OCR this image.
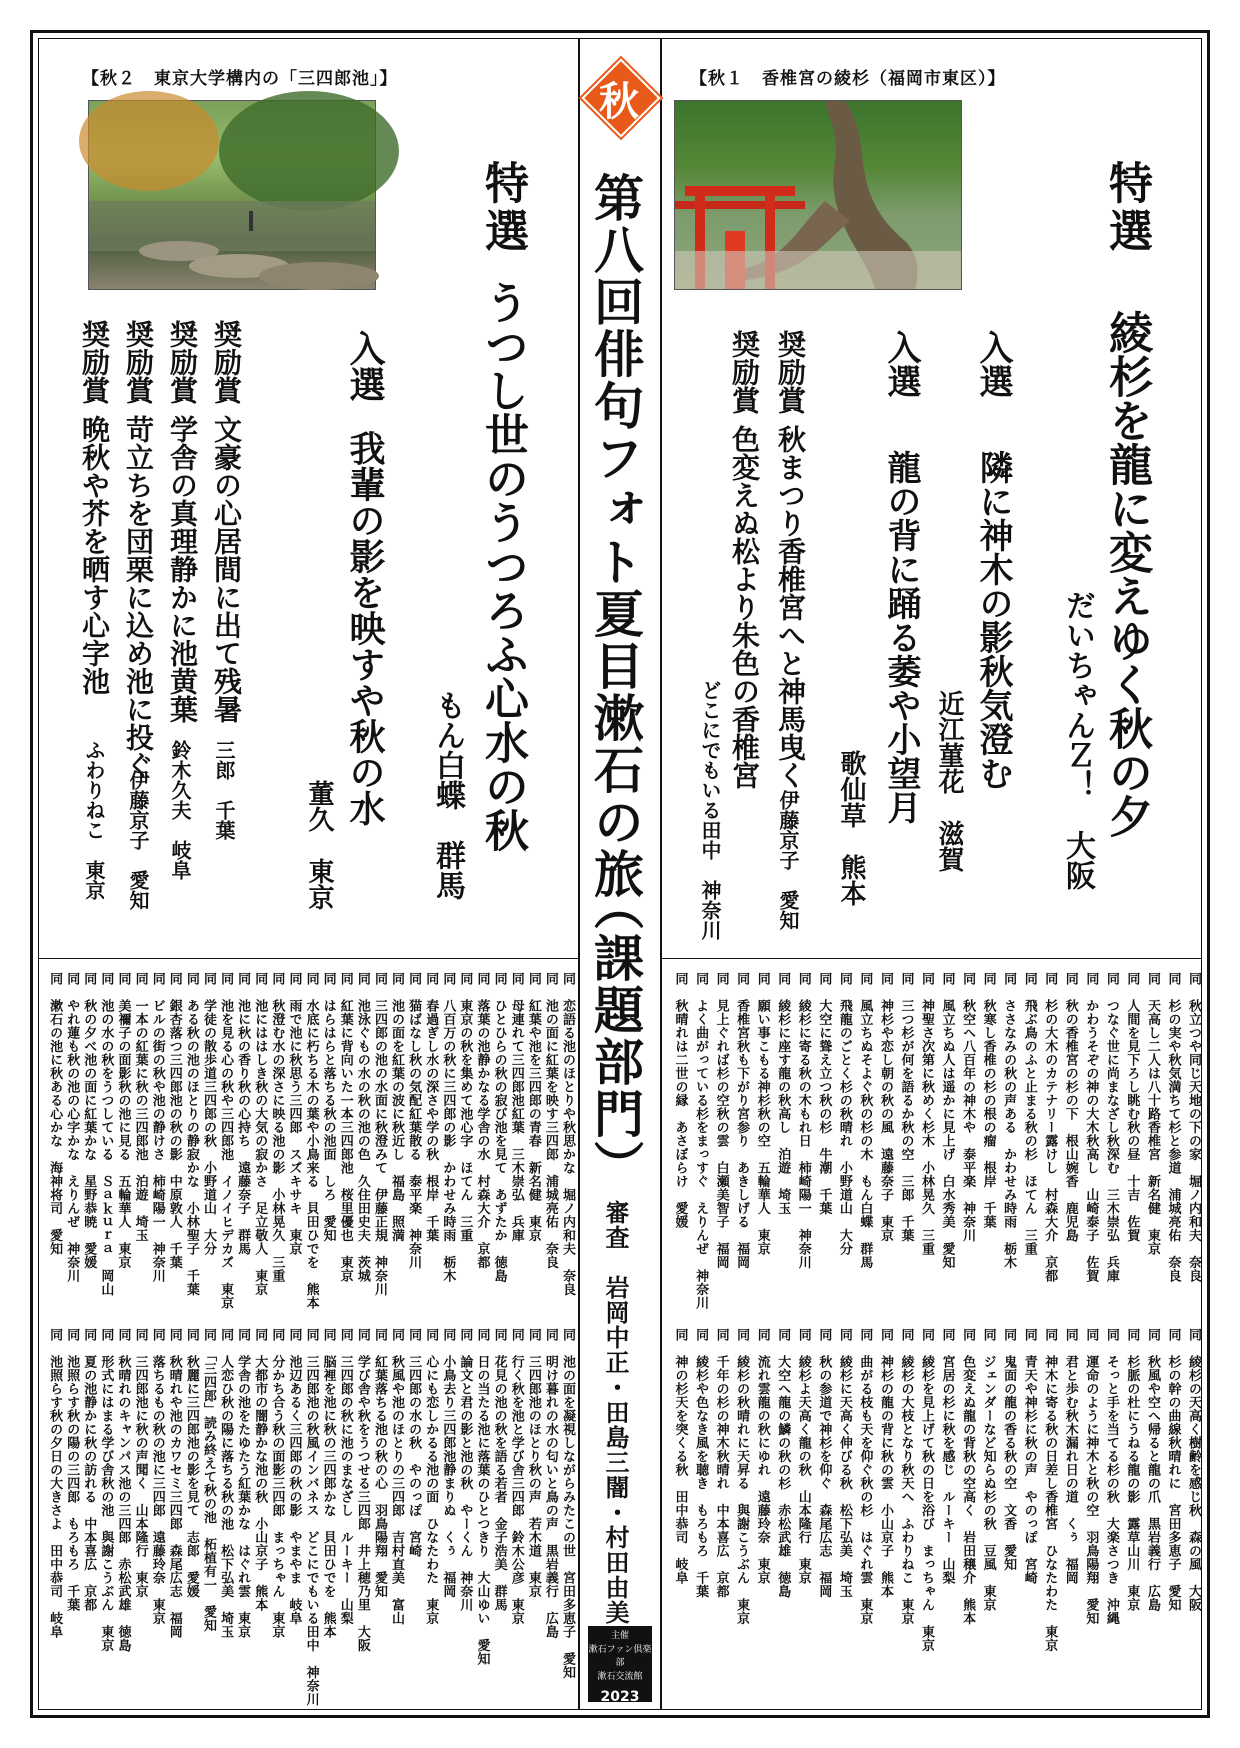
秋
第八回俳句フォト夏目漱石の旅
（課題部門）
審査　岩岡中正・田島三闇・村田由美
主催
漱石ファン倶楽部
漱石交流館
2023
【秋１　香椎宮の綾杉（福岡市東区）】
特選
綾杉を龍に変えゆく秋の夕
だいちゃんＺ！　大阪
入選
隣に神木の影秋気澄む
近江菫花　滋賀
入選
龍の背に踊る萎や小望月
歌仙草　熊本
奨励賞
秋まつり香椎宮へと神馬曳く
伊藤京子　愛知
奨励賞
色変えぬ松より朱色の香椎宮
どこにでもいる田中　神奈川
同　秋立つや同じ天地の下の家　堀ノ内和夫　奈良
同　杉の実や秋気満ちて杉と参道　浦城亮佑　奈良
同　天高し二人は八十路香椎宮　新名健　東京
同　人間を見下ろし眺む秋の昼　十吉　佐賀
同　つなぐ世に尚まなざし秋深む　三木崇弘　兵庫
同　かわうそぞの神の大木秋高し　山崎泰子　佐賀
同　秋の香椎宮の杉の下　根山婉香　鹿児島
同　杉の大木のカテナリー露けし　村森大介　京都
同　飛ぶ鳥のふと止まる秋の杉　ほてん　三重
同　ささなみの秋の声ある　かわせみ時雨　栃木
同　秋寒し香椎の杉の根の瘤　根岸　千葉
同　秋空へ八百年の神木や　泰平楽　神奈川
同　風立ちぬ人は遥かに見上げ　白水秀美　愛知
同　神聖さ次第に秋めく杉木　小林晃久　三重
同　三つ杉が何を語るか秋の空　三郎　千葉
同　神杉や恋し朝の秋の風　遠藤奈子　東京
同　風立ちぬそよぐ秋の杉の木　もん白蝶　群馬
同　飛龍のごとく杉の秋晴れ　小野道山　大分
同　大空に聳え立つ秋の杉　牛潮　千葉
同　綾杉に寄る秋の木もれ日　柿崎陽一　神奈川
同　綾杉に座す龍の秋高し　泊遊　埼玉
同　願い事こもる神杉秋の空　五輪華人　東京
同　香椎宮秋も下がり宮参り　あきしげる　福岡
同　見上ぐれば杉の空秋の雲　白瀬美智子　福岡
同　よく曲がっている杉をまっすぐ　えりんぜ　神奈川
同　秋晴れは二世の縁　あさぼらけ　愛媛
同　綾杉の天高く樹齢を感じ秋　森の風　大阪
同　杉の幹の曲線秋晴れに　宮田多恵子　愛知
同　秋風や空へ帰ると龍の爪　黒岩義行　広島
同　杉脈の杜にうねる龍の影　露草山川　東京
同　そっと手を当てる杉の秋　大楽さつき　沖縄
同　運命のように神木と秋の空　羽鳥陽翔　愛知
同　君と歩む秋木漏れ日の道　くぅ　福岡
同　神木に寄る秋の日差し香椎宮　ひなたわた　東京
同　青天や神杉に秋の声　やのっぽ　宮崎
同　鬼面の龍の香る秋の空　文香　愛知
同　ジェンダーなど知らぬ杉の秋　豆風　東京
同　色変えぬ龍の背秋の空高く　岩田穣介　熊本
同　宮居の杉に秋を感じ　ルーキー　山梨
同　綾杉を見上げて秋の日を浴び　まっちゃん　東京
同　綾杉の大枝となり秋天へ　ふわりねこ　東京
同　神杉の龍の背に秋の雲　小山京子　熊本
同　曲がる枝も天を仰ぐ秋の杉　はぐれ雲　東京
同　綾杉に天高く伸びる秋　松下弘美　埼玉
同　秋の参道で神杉を仰ぐ　森尾広志　福岡
同　綾杉よ天高く龍の秋　山本隆行　東京
同　大空へ龍の鱗の秋の杉　赤松武雄　徳島
同　流れ雲龍の秋にゆれ　遠藤玲奈　東京
同　綾杉の秋晴れに天昇る　與謝こうぶん　東京
同　千年の杉の神木秋晴れ　中本喜広　京都
同　綾杉や色なき風を聴き　もろもろ　千葉
同　神の杉天を突くる秋　田中恭司　岐阜
【秋２　東京大学構内の「三四郎池」】
特選
うつし世のうつろふ心水の秋
もん白蝶　群馬
入選
我輩の影を映すや秋の水
董久　東京
奨励賞
文豪の心居間に出て残暑
三郎　千葉
奨励賞
学舎の真理静かに池黄葉
鈴木久夫　岐阜
奨励賞
苛立ちを団栗に込め池に投ぐ
伊藤京子　愛知
奨励賞
晩秋や芥を晒す心字池
ふわりねこ　東京
同　恋語る池のほとりや秋思かな　堀ノ内和夫　奈良
同　池の面に紅葉を映す三四郎　浦城亮佑　奈良
同　紅葉や池を三四郎の青春　新名健　東京
同　母連れて三四郎池紅葉　三木崇弘　兵庫
同　ひとひらの秋の寂び池を見て　あずたか　徳島
同　落葉の池静かなる学舎の水　村森大介　京都
同　東京の秋を集めて池心字　ほてん　三重
同　八百万の秋に三四郎の影　かわせみ時雨　栃木
同　春過ぎし水の深さや学の秋　根岸　千葉
同　猫ばなし秋の気配紅葉散る　泰平楽　神奈川
同　池の面を紅葉の波に秋近し　福島　照満
同　三四郎の池の水面に秋澄みて　伊藤正規　神奈川
同　池泳ぐもの水の秋の池の色　久住田史夫　茨城
同　紅葉に背向いた一本三四郎池　桜里優也　東京
同　はらはらと落ちる秋の池面　しろ　愛知
同　水底に朽ちる木の葉や小鳥来る　貝田ひでを　熊本
同　雨で池に秋思う三四郎　スズキサキ　東京
同　秋澄む水の深さに映る池の影　小林晃久　三重
同　池にははしき秋の大気の寂かさ　足立敬人　東京
同　池に秋の香り秋の心持ち　遠藤奈子　群馬
同　池を見る心の秋や三四郎池　イノイヒデカズ　東京
同　学徒の散歩道三四郎の秋　小野道山　大分
同　ある秋の池のほとりの静寂かな　小林聖子　千葉
同　銀杏落つ三四郎池の秋の影　中原敦人　千葉
同　ビルの街の秋や池の静けさ　柿崎陽一　神奈川
同　一本の紅葉に秋の三四郎池　泊遊　埼玉
同　美禰子の面影秋の池に見る　五輪華人　東京
同　池の水の秋をうつしている　Ｓａｋｕｒａ　岡山
同　秋の夕べ池の面に紅葉かな　星野恭暁　愛媛
同　やれ蓮も秋の池の心字かな　えりんぜ　神奈川
同　漱石の池に秋ある心かな　海神将司　愛知
同　池の面を凝視しながらみたこの世　宮田多恵子　愛知
同　明け暮れの水の匂いと鳥の声　黒岩義行　広島
同　三四郎池のほとり秋の声　若木道　東京
同　行く秋を池と学び舎三四郎　鈴木公彦　東京
同　花見の池の秋を語る若者　金子浩美　群馬
同　日の当たる池に落葉のひとつきり　大山ゆい　愛知
同　論文と君の影と池の秋　やーくん　神奈川
同　小鳥去り三四郎池静まりぬ　くぅ　福岡
同　心にも恋しかるる池の面　ひなたわた　東京
同　三四郎の水の秋　やのっぽ　宮崎
同　秋風や池のほとりの三四郎　吉村直美　富山
同　紅葉落ちる池の秋の心　羽鳥陽翔　愛知
同　学び舎や秋をうつせる三四郎　井上穂乃里　大阪
同　三四郎の秋に池のまなざし　ルーキー　山梨
同　脳裡を池に秋の三四郎かな　貝田ひでを　熊本
同　三四郎池の秋風インバネス　どこにでもいる田中　神奈川
同　池辺あるく三四郎の秋の影　やまやま　岐阜
同　分かち合う秋の面影三四郎　まっちゃん　東京
同　大都市の闇静かな池の秋　小山京子　熊本
同　学舎の池をたゆたう紅葉かな　はぐれ雲　東京
同　人恋ひ秋の陽に落ちる秋の池　松下弘美　埼玉
同　「三四郎」読み終えて秋の池　柘植有一　愛知
同　秋麗に三四郎池の影を見て　志郎　愛媛
同　秋晴れや池のカワセミ三四郎　森尾広志　福岡
同　落ちるもの秋の池に三四郎　遠藤玲奈　東京
同　三四郎池に秋の声聞く　山本隆行　東京
同　秋晴れのキャンパス池の三四郎　赤松武雄　徳島
同　形式にはまる学び舎秋の池　與謝こうぶん　東京
同　夏の池静かに秋の訪れる　中本喜広　京都
同　池照らす秋の陽の三四郎　もろもろ　千葉
同　池照らす秋の夕日の大きさよ　田中恭司　岐阜
